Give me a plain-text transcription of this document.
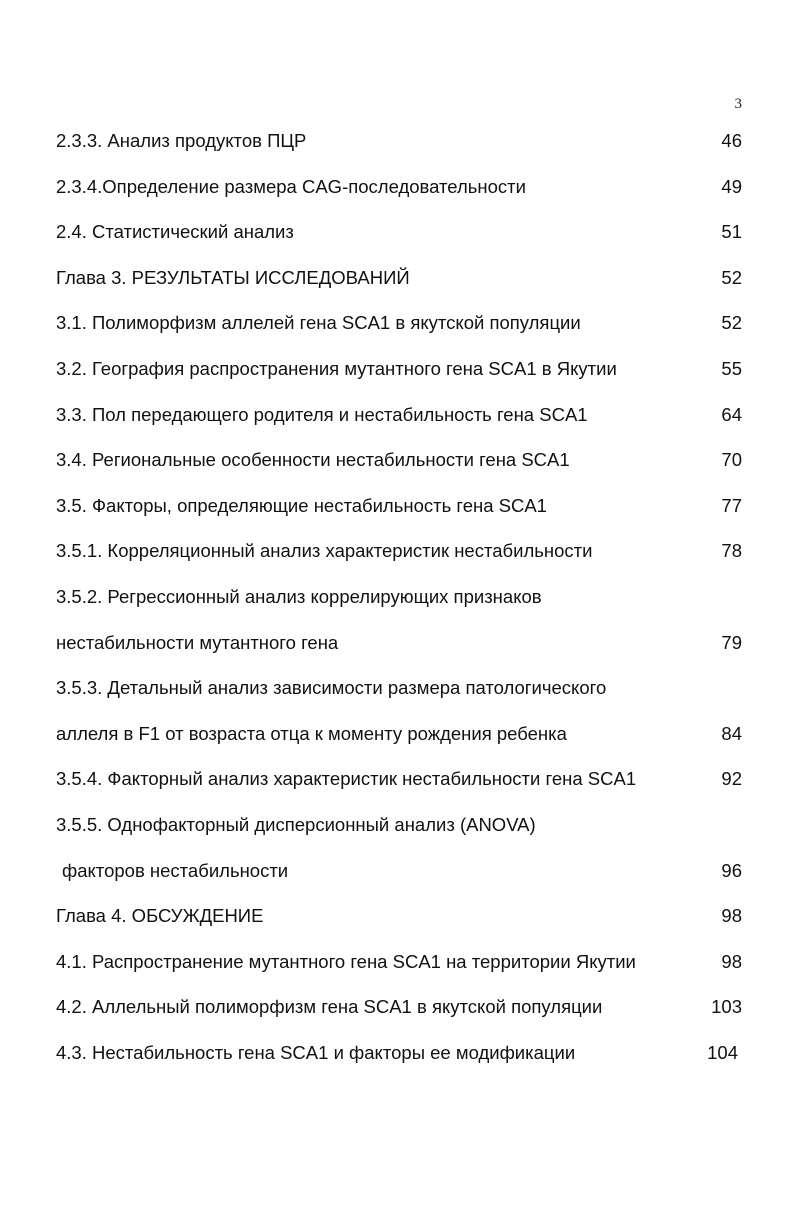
3
2.3.3. Анализ продуктов ПЦР	46
2.3.4.Определение размера CAG-последовательности	49
2.4. Статистический анализ	51
Глава 3. РЕЗУЛЬТАТЫ ИССЛЕДОВАНИЙ	52
3.1. Полиморфизм аллелей гена SCA1 в якутской популяции	52
3.2. География распространения мутантного гена SCA1 в Якутии	55
3.3. Пол передающего родителя и нестабильность гена SCA1	64
3.4. Региональные особенности нестабильности гена SCA1	70
3.5. Факторы, определяющие нестабильность гена SCA1	77
3.5.1. Корреляционный анализ характеристик нестабильности	78
3.5.2. Регрессионный анализ коррелирующих признаков
нестабильности мутантного гена	79
3.5.3. Детальный анализ зависимости размера патологического
аллеля в F1 от возраста отца к моменту рождения ребенка	84
3.5.4. Факторный анализ характеристик нестабильности гена SCA1	92
3.5.5. Однофакторный дисперсионный анализ (ANOVA)
факторов нестабильности	96
Глава 4. ОБСУЖДЕНИЕ	98
4.1. Распространение мутантного гена SCA1 на территории Якутии	98
4.2. Аллельный полиморфизм гена SCA1 в якутской популяции	103
4.3. Нестабильность гена SCA1 и факторы ее модификации	104
